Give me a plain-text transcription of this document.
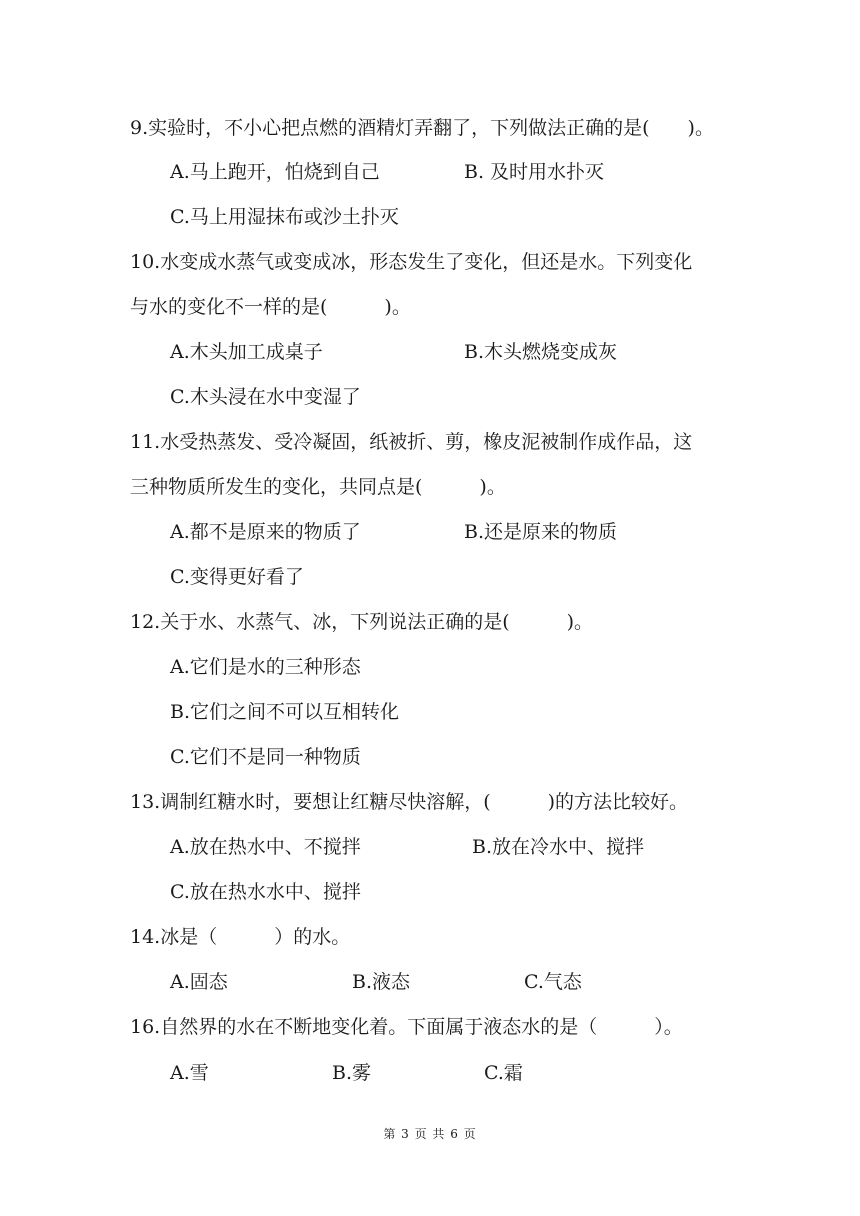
9.实验时，不小心把点燃的酒精灯弄翻了，下列做法正确的是(　　)。
A.马上跑开，怕烧到自己	B. 及时用水扑灭
C.马上用湿抹布或沙土扑灭
10.水变成水蒸气或变成冰，形态发生了变化，但还是水。下列变化
与水的变化不一样的是(　　　)。
A.木头加工成桌子	B.木头燃烧变成灰
C.木头浸在水中变湿了
11.水受热蒸发、受冷凝固，纸被折、剪，橡皮泥被制作成作品，这
三种物质所发生的变化，共同点是(　　　)。
A.都不是原来的物质了	B.还是原来的物质
C.变得更好看了
12.关于水、水蒸气、冰，下列说法正确的是(　　　)。
A.它们是水的三种形态
B.它们之间不可以互相转化
C.它们不是同一种物质
13.调制红糖水时，要想让红糖尽快溶解，(　　　)的方法比较好。
A.放在热水中、不搅拌	B.放在冷水中、搅拌
C.放在热水水中、搅拌
14.冰是（　　　）的水。
A.固态	B.液态	C.气态
16.自然界的水在不断地变化着。下面属于液态水的是（　　　）。
A.雪	B.雾	C.霜
第 3 页 共 6 页
